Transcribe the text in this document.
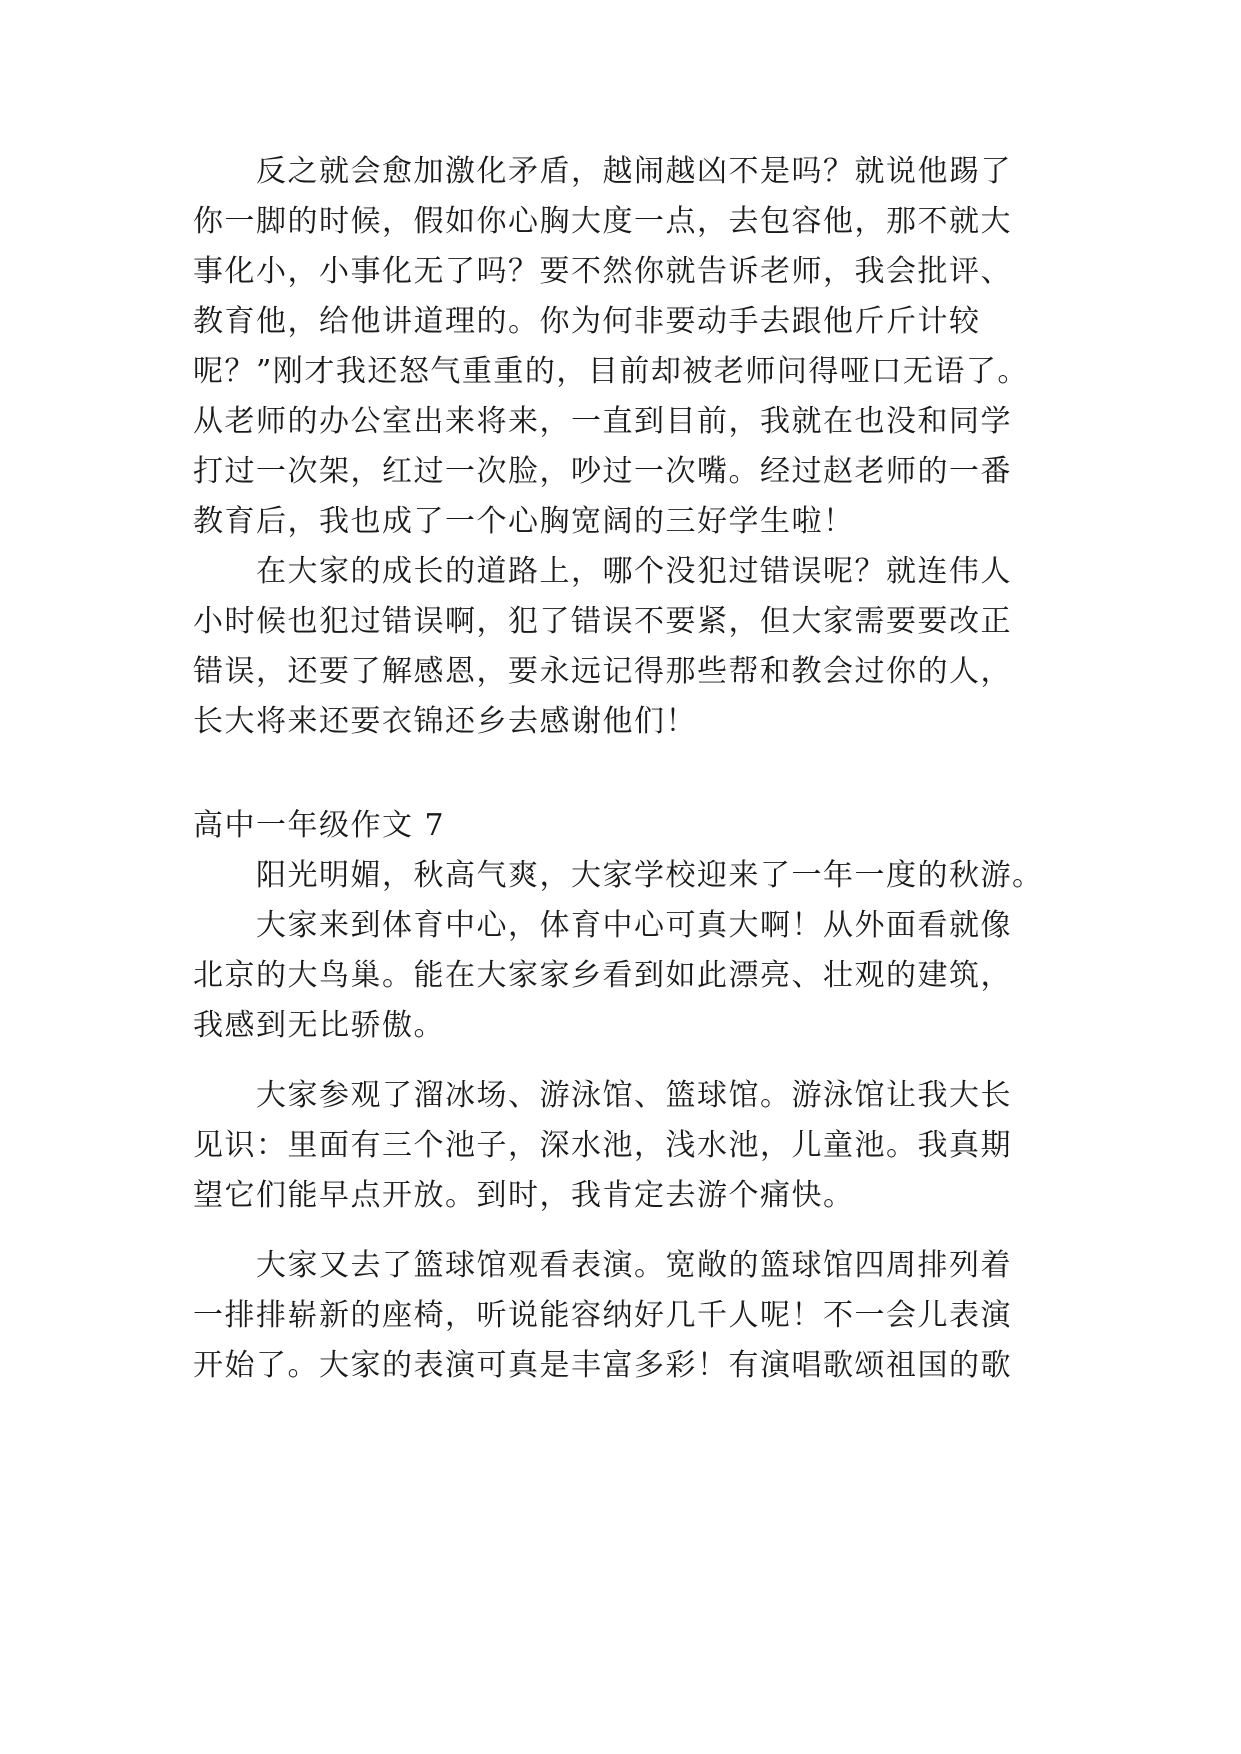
反之就会愈加激化矛盾，越闹越凶不是吗？就说他踢了
你一脚的时候，假如你心胸大度一点，去包容他，那不就大
事化小，小事化无了吗？要不然你就告诉老师，我会批评、
教育他，给他讲道理的。你为何非要动手去跟他斤斤计较
呢？”刚才我还怒气重重的，目前却被老师问得哑口无语了。
从老师的办公室出来将来，一直到目前，我就在也没和同学
打过一次架，红过一次脸，吵过一次嘴。经过赵老师的一番
教育后，我也成了一个心胸宽阔的三好学生啦！
在大家的成长的道路上，哪个没犯过错误呢？就连伟人
小时候也犯过错误啊，犯了错误不要紧，但大家需要要改正
错误，还要了解感恩，要永远记得那些帮和教会过你的人，
长大将来还要衣锦还乡去感谢他们！
高中一年级作文 7
阳光明媚，秋高气爽，大家学校迎来了一年一度的秋游。
大家来到体育中心，体育中心可真大啊！从外面看就像
北京的大鸟巢。能在大家家乡看到如此漂亮、壮观的建筑，
我感到无比骄傲。
大家参观了溜冰场、游泳馆、篮球馆。游泳馆让我大长
见识：里面有三个池子，深水池，浅水池，儿童池。我真期
望它们能早点开放。到时，我肯定去游个痛快。
大家又去了篮球馆观看表演。宽敞的篮球馆四周排列着
一排排崭新的座椅，听说能容纳好几千人呢！不一会儿表演
开始了。大家的表演可真是丰富多彩！有演唱歌颂祖国的歌
